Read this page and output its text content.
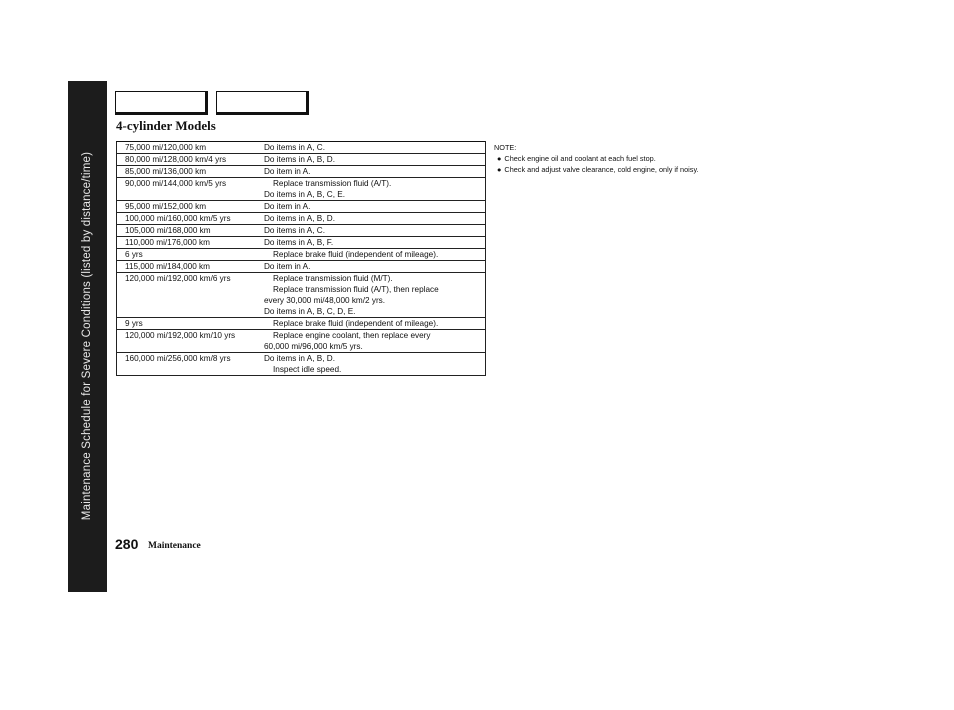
Maintenance Schedule for Severe Conditions (listed by distance/time)
4-cylinder Models
75,000 mi/120,000 km	Do items in A, C.

80,000 mi/128,000 km/4 yrs	Do items in A, B, D.

85,000 mi/136,000 km	Do item in A.

90,000 mi/144,000 km/5 yrs	Replace transmission fluid (A/T).
Do items in A, B, C, E.

95,000 mi/152,000 km	Do item in A.

100,000 mi/160,000 km/5 yrs	Do items in A, B, D.

105,000 mi/168,000 km	Do items in A, C.

110,000 mi/176,000 km	Do items in A, B, F.

6 yrs	Replace brake fluid (independent of mileage).

115,000 mi/184,000 km	Do item in A.

120,000 mi/192,000 km/6 yrs	Replace transmission fluid (M/T).
Replace transmission fluid (A/T), then replace
every 30,000 mi/48,000 km/2 yrs.
Do items in A, B, C, D, E.

9 yrs	Replace brake fluid (independent of mileage).

120,000 mi/192,000 km/10 yrs	Replace engine coolant, then replace every
60,000 mi/96,000 km/5 yrs.

160,000 mi/256,000 km/8 yrs	Do items in A, B, D.
Inspect idle speed.
NOTE:
● Check engine oil and coolant at each fuel stop.
● Check and adjust valve clearance, cold engine, only if noisy.
280 Maintenance
